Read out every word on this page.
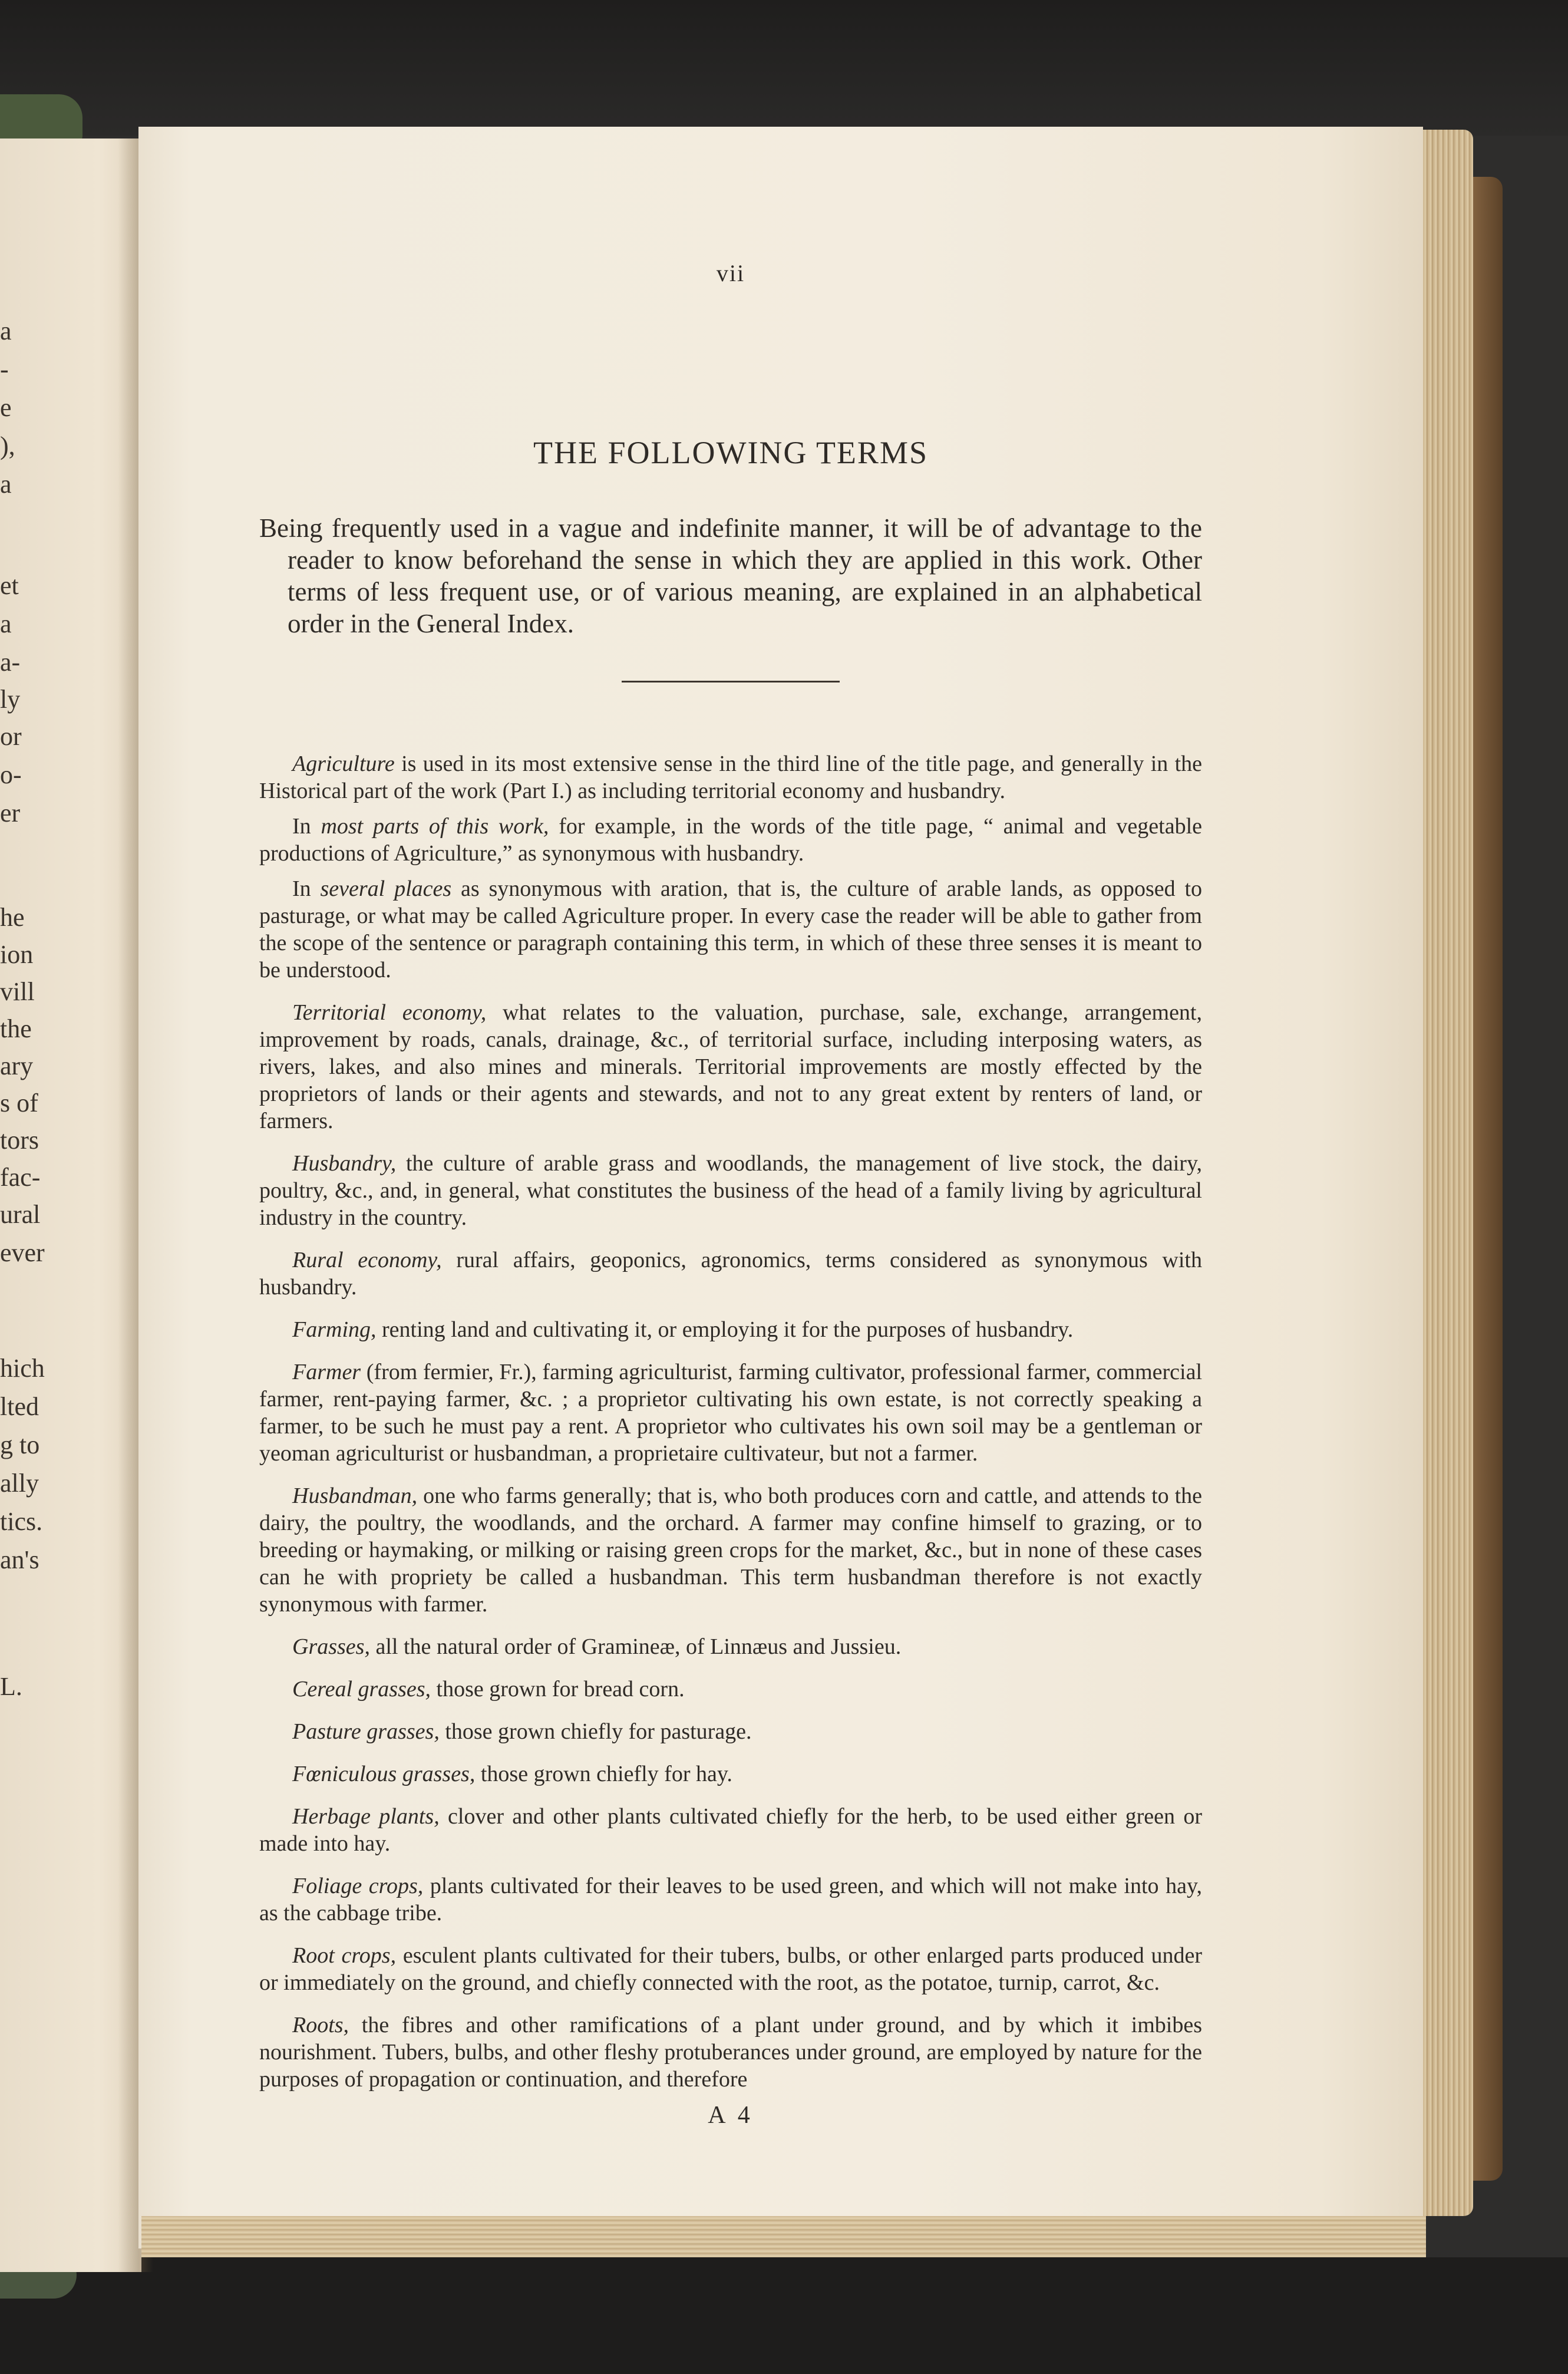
a
-
e
),
a
et
a
a-
ly
or
o-
er
he
ion
vill
the
ary
s of
tors
fac-
ural
ever
hich
lted
g to
ally
tics.
an's
L.
vii
THE FOLLOWING TERMS

Being frequently used in a vague and indefinite manner, it will be of advantage to the reader to know beforehand the sense in which they are applied in this work. Other terms of less frequent use, or of various meaning, are explained in an alphabetical order in the General Index.

Agriculture is used in its most extensive sense in the third line of the title page, and generally in the Historical part of the work (Part I.) as including territorial economy and husbandry.

In most parts of this work, for example, in the words of the title page, “ animal and vegetable productions of Agriculture,” as synonymous with husbandry.

In several places as synonymous with aration, that is, the culture of arable lands, as opposed to pasturage, or what may be called Agriculture proper. In every case the reader will be able to gather from the scope of the sentence or paragraph containing this term, in which of these three senses it is meant to be understood.

Territorial economy, what relates to the valuation, purchase, sale, exchange, arrangement, improvement by roads, canals, drainage, &c., of territorial surface, including interposing waters, as rivers, lakes, and also mines and minerals. Territorial improvements are mostly effected by the proprietors of lands or their agents and stewards, and not to any great extent by renters of land, or farmers.

Husbandry, the culture of arable grass and woodlands, the management of live stock, the dairy, poultry, &c., and, in general, what constitutes the business of the head of a family living by agricultural industry in the country.

Rural economy, rural affairs, geoponics, agronomics, terms considered as synonymous with husbandry.

Farming, renting land and cultivating it, or employing it for the purposes of husbandry.

Farmer (from fermier, Fr.), farming agriculturist, farming cultivator, professional farmer, commercial farmer, rent-paying farmer, &c. ; a proprietor cultivating his own estate, is not correctly speaking a farmer, to be such he must pay a rent. A proprietor who cultivates his own soil may be a gentleman or yeoman agriculturist or husbandman, a proprietaire cultivateur, but not a farmer.

Husbandman, one who farms generally; that is, who both produces corn and cattle, and attends to the dairy, the poultry, the woodlands, and the orchard. A farmer may confine himself to grazing, or to breeding or haymaking, or milking or raising green crops for the market, &c., but in none of these cases can he with propriety be called a husbandman. This term husbandman therefore is not exactly synonymous with farmer.

Grasses, all the natural order of Gramineæ, of Linnæus and Jussieu.

Cereal grasses, those grown for bread corn.

Pasture grasses, those grown chiefly for pasturage.

Fœniculous grasses, those grown chiefly for hay.

Herbage plants, clover and other plants cultivated chiefly for the herb, to be used either green or made into hay.

Foliage crops, plants cultivated for their leaves to be used green, and which will not make into hay, as the cabbage tribe.

Root crops, esculent plants cultivated for their tubers, bulbs, or other enlarged parts produced under or immediately on the ground, and chiefly connected with the root, as the potatoe, turnip, carrot, &c.

Roots, the fibres and other ramifications of a plant under ground, and by which it imbibes nourishment. Tubers, bulbs, and other fleshy protuberances under ground, are employed by nature for the purposes of propagation or continuation, and therefore

A 4
